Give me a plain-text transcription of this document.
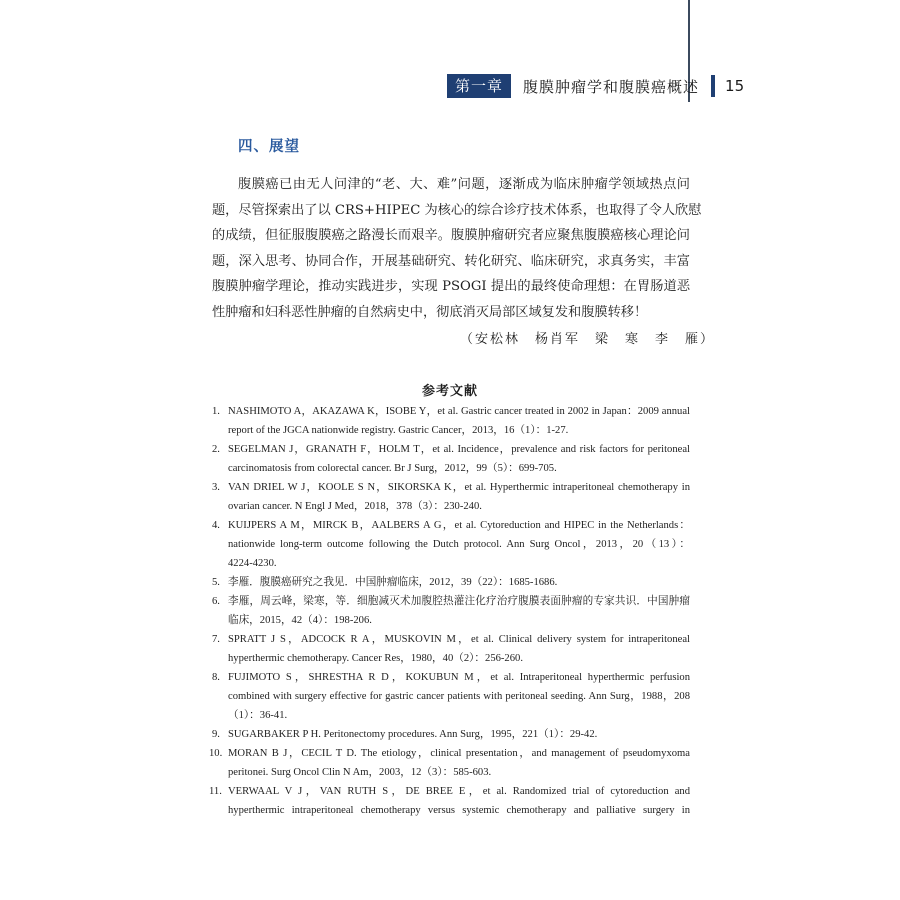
第一章	腹膜肿瘤学和腹膜癌概述 15
四、展望
腹膜癌已由无人问津的“老、大、难”问题，逐渐成为临床肿瘤学领域热点问
题，尽管探索出了以 CRS+HIPEC 为核心的综合诊疗技术体系，也取得了令人欣慰
的成绩，但征服腹膜癌之路漫长而艰辛。腹膜肿瘤研究者应聚焦腹膜癌核心理论问
题，深入思考、协同合作，开展基础研究、转化研究、临床研究，求真务实，丰富
腹膜肿瘤学理论，推动实践进步，实现 PSOGI 提出的最终使命理想：在胃肠道恶
性肿瘤和妇科恶性肿瘤的自然病史中，彻底消灭局部区域复发和腹膜转移！
（安松林　杨肖军　梁　寒　李　雁）
参考文献
1. NASHIMOTO A，AKAZAWA K，ISOBE Y，et al. Gastric cancer treated in 2002 in Japan：2009 annual
report of the JGCA nationwide registry. Gastric Cancer，2013，16（1）：1-27.
2. SEGELMAN J，GRANATH F，HOLM T，et al. Incidence，prevalence and risk factors for peritoneal
carcinomatosis from colorectal cancer. Br J Surg，2012，99（5）：699-705.
3. VAN DRIEL W J，KOOLE S N，SIKORSKA K，et al. Hyperthermic intraperitoneal chemotherapy in
ovarian cancer. N Engl J Med，2018，378（3）：230-240.
4. KUIJPERS A M，MIRCK B，AALBERS A G，et al. Cytoreduction and HIPEC in the Netherlands：
nationwide long-term outcome following the Dutch protocol. Ann Surg Oncol，2013，20（13）：
4224-4230.
5. 李雁．腹膜癌研究之我见．中国肿瘤临床，2012，39（22）：1685-1686.
6. 李雁，周云峰，梁寒，等．细胞减灭术加腹腔热灌注化疗治疗腹膜表面肿瘤的专家共识．中国肿瘤
临床，2015，42（4）：198-206.
7. SPRATT J S，ADCOCK R A，MUSKOVIN M，et al. Clinical delivery system for intraperitoneal
hyperthermic chemotherapy. Cancer Res，1980，40（2）：256-260.
8. FUJIMOTO S，SHRESTHA R D，KOKUBUN M，et al. Intraperitoneal hyperthermic perfusion
combined with surgery effective for gastric cancer patients with peritoneal seeding. Ann Surg，1988，208
（1）：36-41.
9. SUGARBAKER P H. Peritonectomy procedures. Ann Surg，1995，221（1）：29-42.
10. MORAN B J，CECIL T D. The etiology，clinical presentation，and management of pseudomyxoma
peritonei. Surg Oncol Clin N Am，2003，12（3）：585-603.
11. VERWAAL V J，VAN RUTH S，DE BREE E，et al. Randomized trial of cytoreduction and
hyperthermic intraperitoneal chemotherapy versus systemic chemotherapy and palliative surgery in
